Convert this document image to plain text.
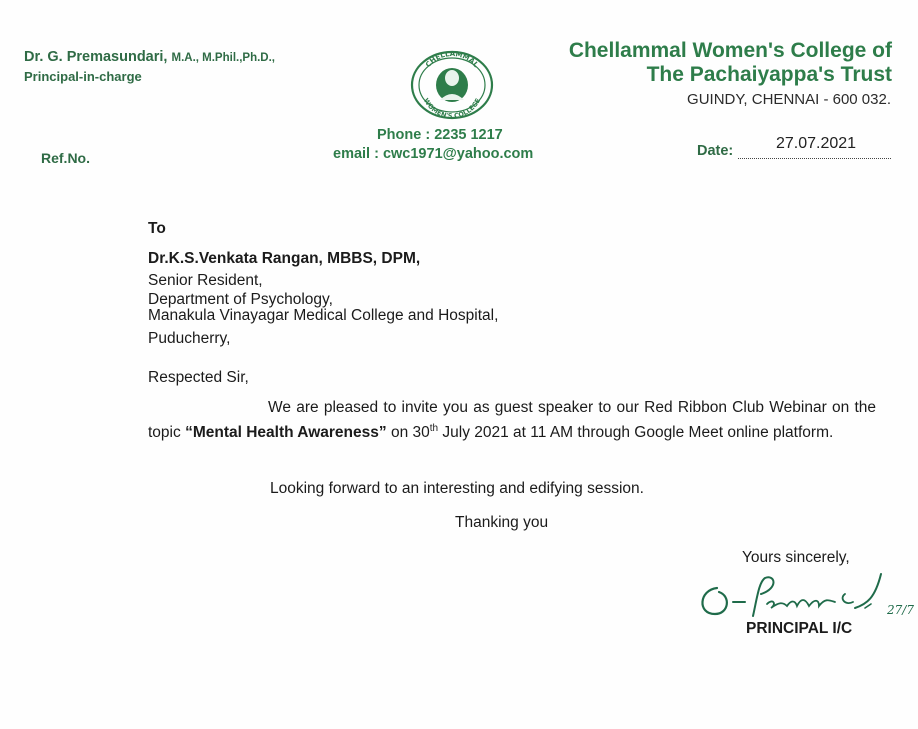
Dr. G. Premasundari, M.A., M.Phil.,Ph.D.,
Principal-in-charge
CHELLAMMAL
WOMEN'S COLLEGE
Chellammal Women's College of
The Pachaiyappa's Trust
GUINDY, CHENNAI - 600 032.
Phone : 2235 1217
email : cwc1971@yahoo.com
Ref.No.	Date:	27.07.2021
To
Dr.K.S.Venkata Rangan, MBBS, DPM,
Senior Resident,
Department of Psychology,
Manakula Vinayagar Medical College and Hospital,
Puducherry,
Respected Sir,
We are pleased to invite you as guest speaker to our Red Ribbon Club Webinar on the topic “Mental Health Awareness” on 30th July 2021 at 11 AM through Google Meet online platform.
Looking forward to an interesting and edifying session.
Thanking you
Yours sincerely,
27/7
PRINCIPAL I/C
